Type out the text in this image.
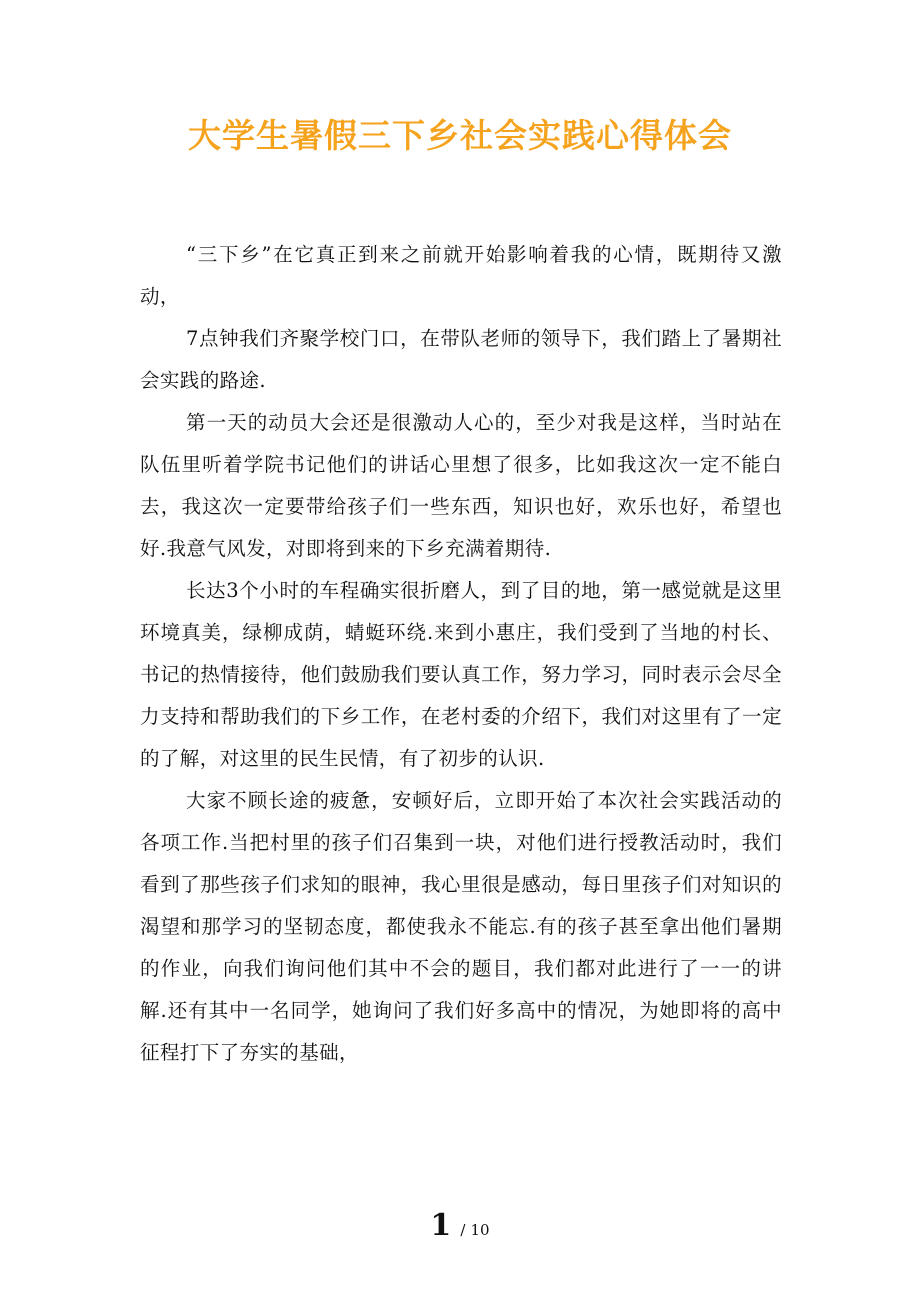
大学生暑假三下乡社会实践心得体会

“三下乡”在它真正到来之前就开始影响着我的心情，既期待又激动，

7点钟我们齐聚学校门口，在带队老师的领导下，我们踏上了暑期社会实践的路途.

第一天的动员大会还是很激动人心的，至少对我是这样，当时站在队伍里听着学院书记他们的讲话心里想了很多，比如我这次一定不能白去，我这次一定要带给孩子们一些东西，知识也好，欢乐也好，希望也好.我意气风发，对即将到来的下乡充满着期待.

长达3个小时的车程确实很折磨人，到了目的地，第一感觉就是这里环境真美，绿柳成荫，蜻蜓环绕.来到小惠庄，我们受到了当地的村长、书记的热情接待，他们鼓励我们要认真工作，努力学习，同时表示会尽全力支持和帮助我们的下乡工作，在老村委的介绍下，我们对这里有了一定的了解，对这里的民生民情，有了初步的认识.

大家不顾长途的疲惫，安顿好后，立即开始了本次社会实践活动的各项工作.当把村里的孩子们召集到一块，对他们进行授教活动时，我们看到了那些孩子们求知的眼神，我心里很是感动，每日里孩子们对知识的渴望和那学习的坚韧态度，都使我永不能忘.有的孩子甚至拿出他们暑期的作业，向我们询问他们其中不会的题目，我们都对此进行了一一的讲解.还有其中一名同学，她询问了我们好多高中的情况，为她即将的高中征程打下了夯实的基础，

1 / 10
